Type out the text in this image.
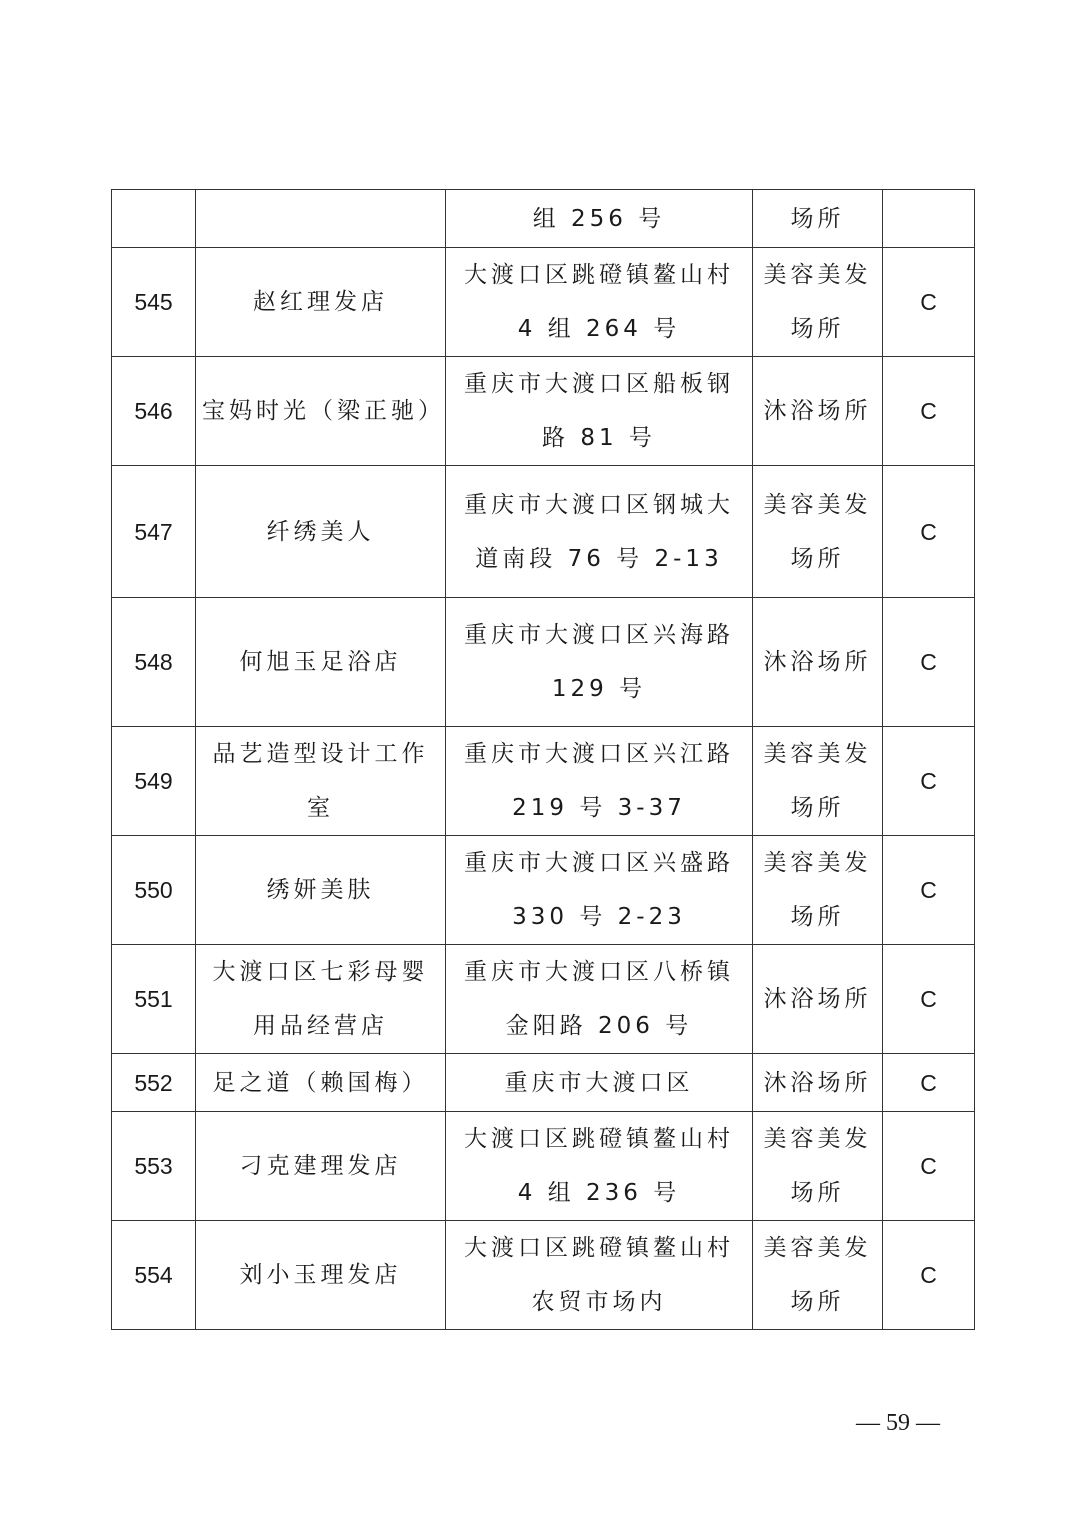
		组 256 号	场所	
545	赵红理发店	大渡口区跳磴镇鳌山村 4 组 264 号	美容美发场所	C
546	宝妈时光（梁正驰）	重庆市大渡口区船板钢路 81 号	沐浴场所	C
547	纤绣美人	重庆市大渡口区钢城大道南段 76 号 2-13	美容美发场所	C
548	何旭玉足浴店	重庆市大渡口区兴海路 129 号	沐浴场所	C
549	品艺造型设计工作室	重庆市大渡口区兴江路 219 号 3-37	美容美发场所	C
550	绣妍美肤	重庆市大渡口区兴盛路 330 号 2-23	美容美发场所	C
551	大渡口区七彩母婴用品经营店	重庆市大渡口区八桥镇金阳路 206 号	沐浴场所	C
552	足之道（赖国梅）	重庆市大渡口区	沐浴场所	C
553	刁克建理发店	大渡口区跳磴镇鳌山村 4 组 236 号	美容美发场所	C
554	刘小玉理发店	大渡口区跳磴镇鳌山村农贸市场内	美容美发场所	C
— 59 —
